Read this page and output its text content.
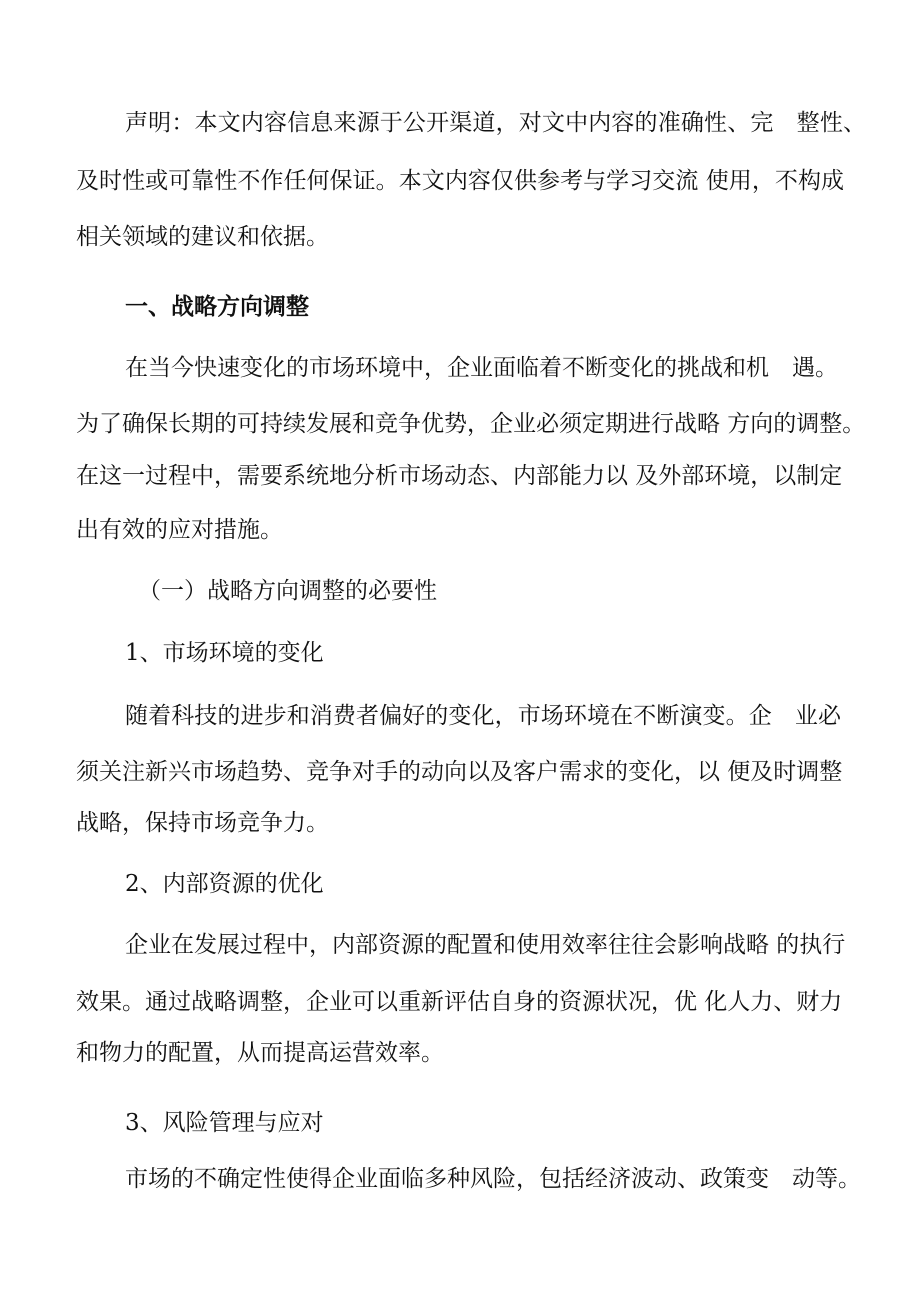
声明：本文内容信息来源于公开渠道，对文中内容的准确性、完　整性、
及时性或可靠性不作任何保证。本文内容仅供参考与学习交流 使用，不构成
相关领域的建议和依据。
一、战略方向调整
在当今快速变化的市场环境中，企业面临着不断变化的挑战和机　遇。
为了确保长期的可持续发展和竞争优势，企业必须定期进行战略 方向的调整。
在这一过程中，需要系统地分析市场动态、内部能力以 及外部环境，以制定
出有效的应对措施。
（一）战略方向调整的必要性
1、市场环境的变化
随着科技的进步和消费者偏好的变化，市场环境在不断演变。企　业必
须关注新兴市场趋势、竞争对手的动向以及客户需求的变化，以 便及时调整
战略，保持市场竞争力。
2、内部资源的优化
企业在发展过程中，内部资源的配置和使用效率往往会影响战略 的执行
效果。通过战略调整，企业可以重新评估自身的资源状况，优 化人力、财力
和物力的配置，从而提高运营效率。
3、风险管理与应对
市场的不确定性使得企业面临多种风险，包括经济波动、政策变　动等。
